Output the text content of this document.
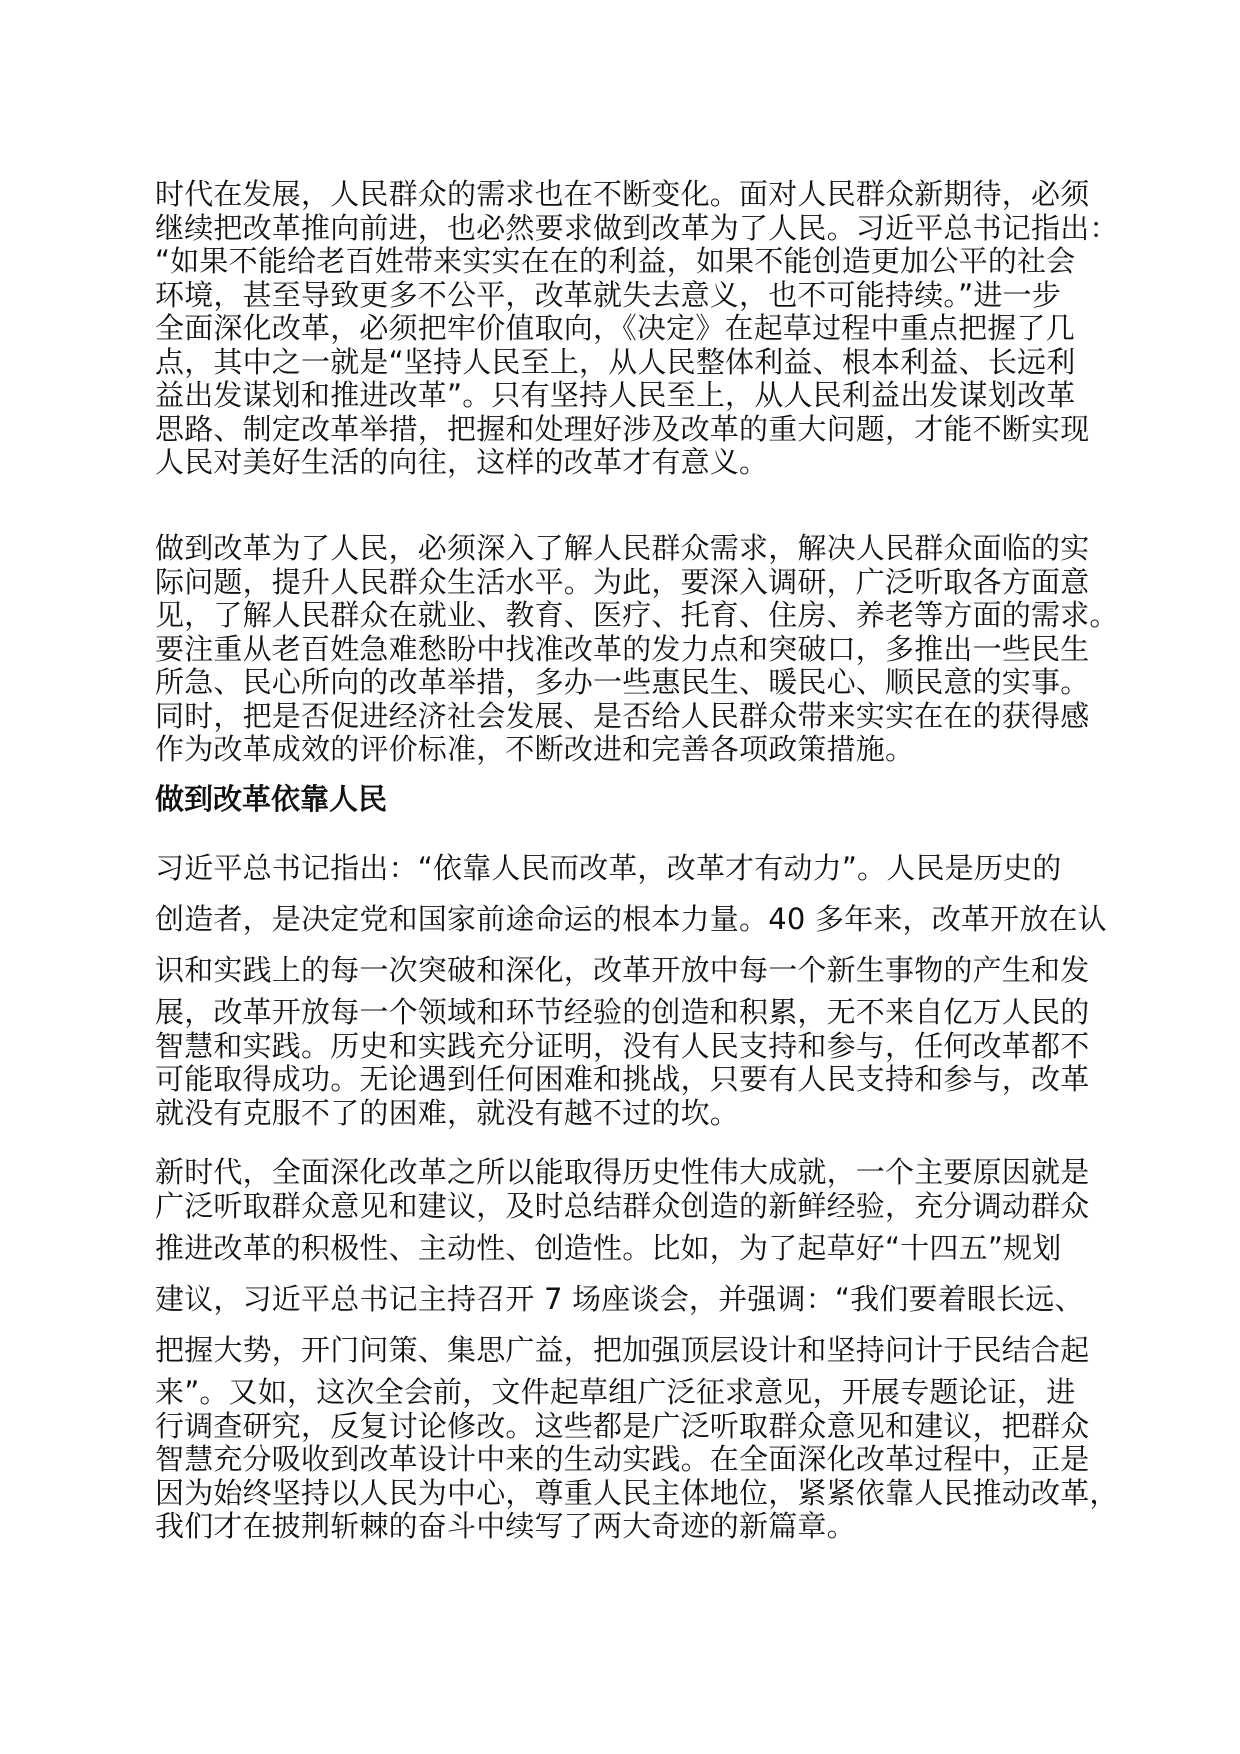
时代在发展，人民群众的需求也在不断变化。面对人民群众新期待，必须
继续把改革推向前进，也必然要求做到改革为了人民。习近平总书记指出：
“如果不能给老百姓带来实实在在的利益，如果不能创造更加公平的社会
环境，甚至导致更多不公平，改革就失去意义，也不可能持续。”进一步
全面深化改革，必须把牢价值取向，《决定》在起草过程中重点把握了几
点，其中之一就是“坚持人民至上，从人民整体利益、根本利益、长远利
益出发谋划和推进改革”。只有坚持人民至上，从人民利益出发谋划改革
思路、制定改革举措，把握和处理好涉及改革的重大问题，才能不断实现
人民对美好生活的向往，这样的改革才有意义。
做到改革为了人民，必须深入了解人民群众需求，解决人民群众面临的实
际问题，提升人民群众生活水平。为此，要深入调研，广泛听取各方面意
见，了解人民群众在就业、教育、医疗、托育、住房、养老等方面的需求。
要注重从老百姓急难愁盼中找准改革的发力点和突破口，多推出一些民生
所急、民心所向的改革举措，多办一些惠民生、暖民心、顺民意的实事。
同时，把是否促进经济社会发展、是否给人民群众带来实实在在的获得感
作为改革成效的评价标准，不断改进和完善各项政策措施。
做到改革依靠人民
习近平总书记指出：“依靠人民而改革，改革才有动力”。人民是历史的
创造者，是决定党和国家前途命运的根本力量。40 多年来，改革开放在认
识和实践上的每一次突破和深化，改革开放中每一个新生事物的产生和发
展，改革开放每一个领域和环节经验的创造和积累，无不来自亿万人民的
智慧和实践。历史和实践充分证明，没有人民支持和参与，任何改革都不
可能取得成功。无论遇到任何困难和挑战，只要有人民支持和参与，改革
就没有克服不了的困难，就没有越不过的坎。
新时代，全面深化改革之所以能取得历史性伟大成就，一个主要原因就是
广泛听取群众意见和建议，及时总结群众创造的新鲜经验，充分调动群众
推进改革的积极性、主动性、创造性。比如，为了起草好“十四五”规划
建议，习近平总书记主持召开 7 场座谈会，并强调：“我们要着眼长远、
把握大势，开门问策、集思广益，把加强顶层设计和坚持问计于民结合起
来”。又如，这次全会前，文件起草组广泛征求意见，开展专题论证，进
行调查研究，反复讨论修改。这些都是广泛听取群众意见和建议，把群众
智慧充分吸收到改革设计中来的生动实践。在全面深化改革过程中，正是
因为始终坚持以人民为中心，尊重人民主体地位，紧紧依靠人民推动改革，
我们才在披荆斩棘的奋斗中续写了两大奇迹的新篇章。
